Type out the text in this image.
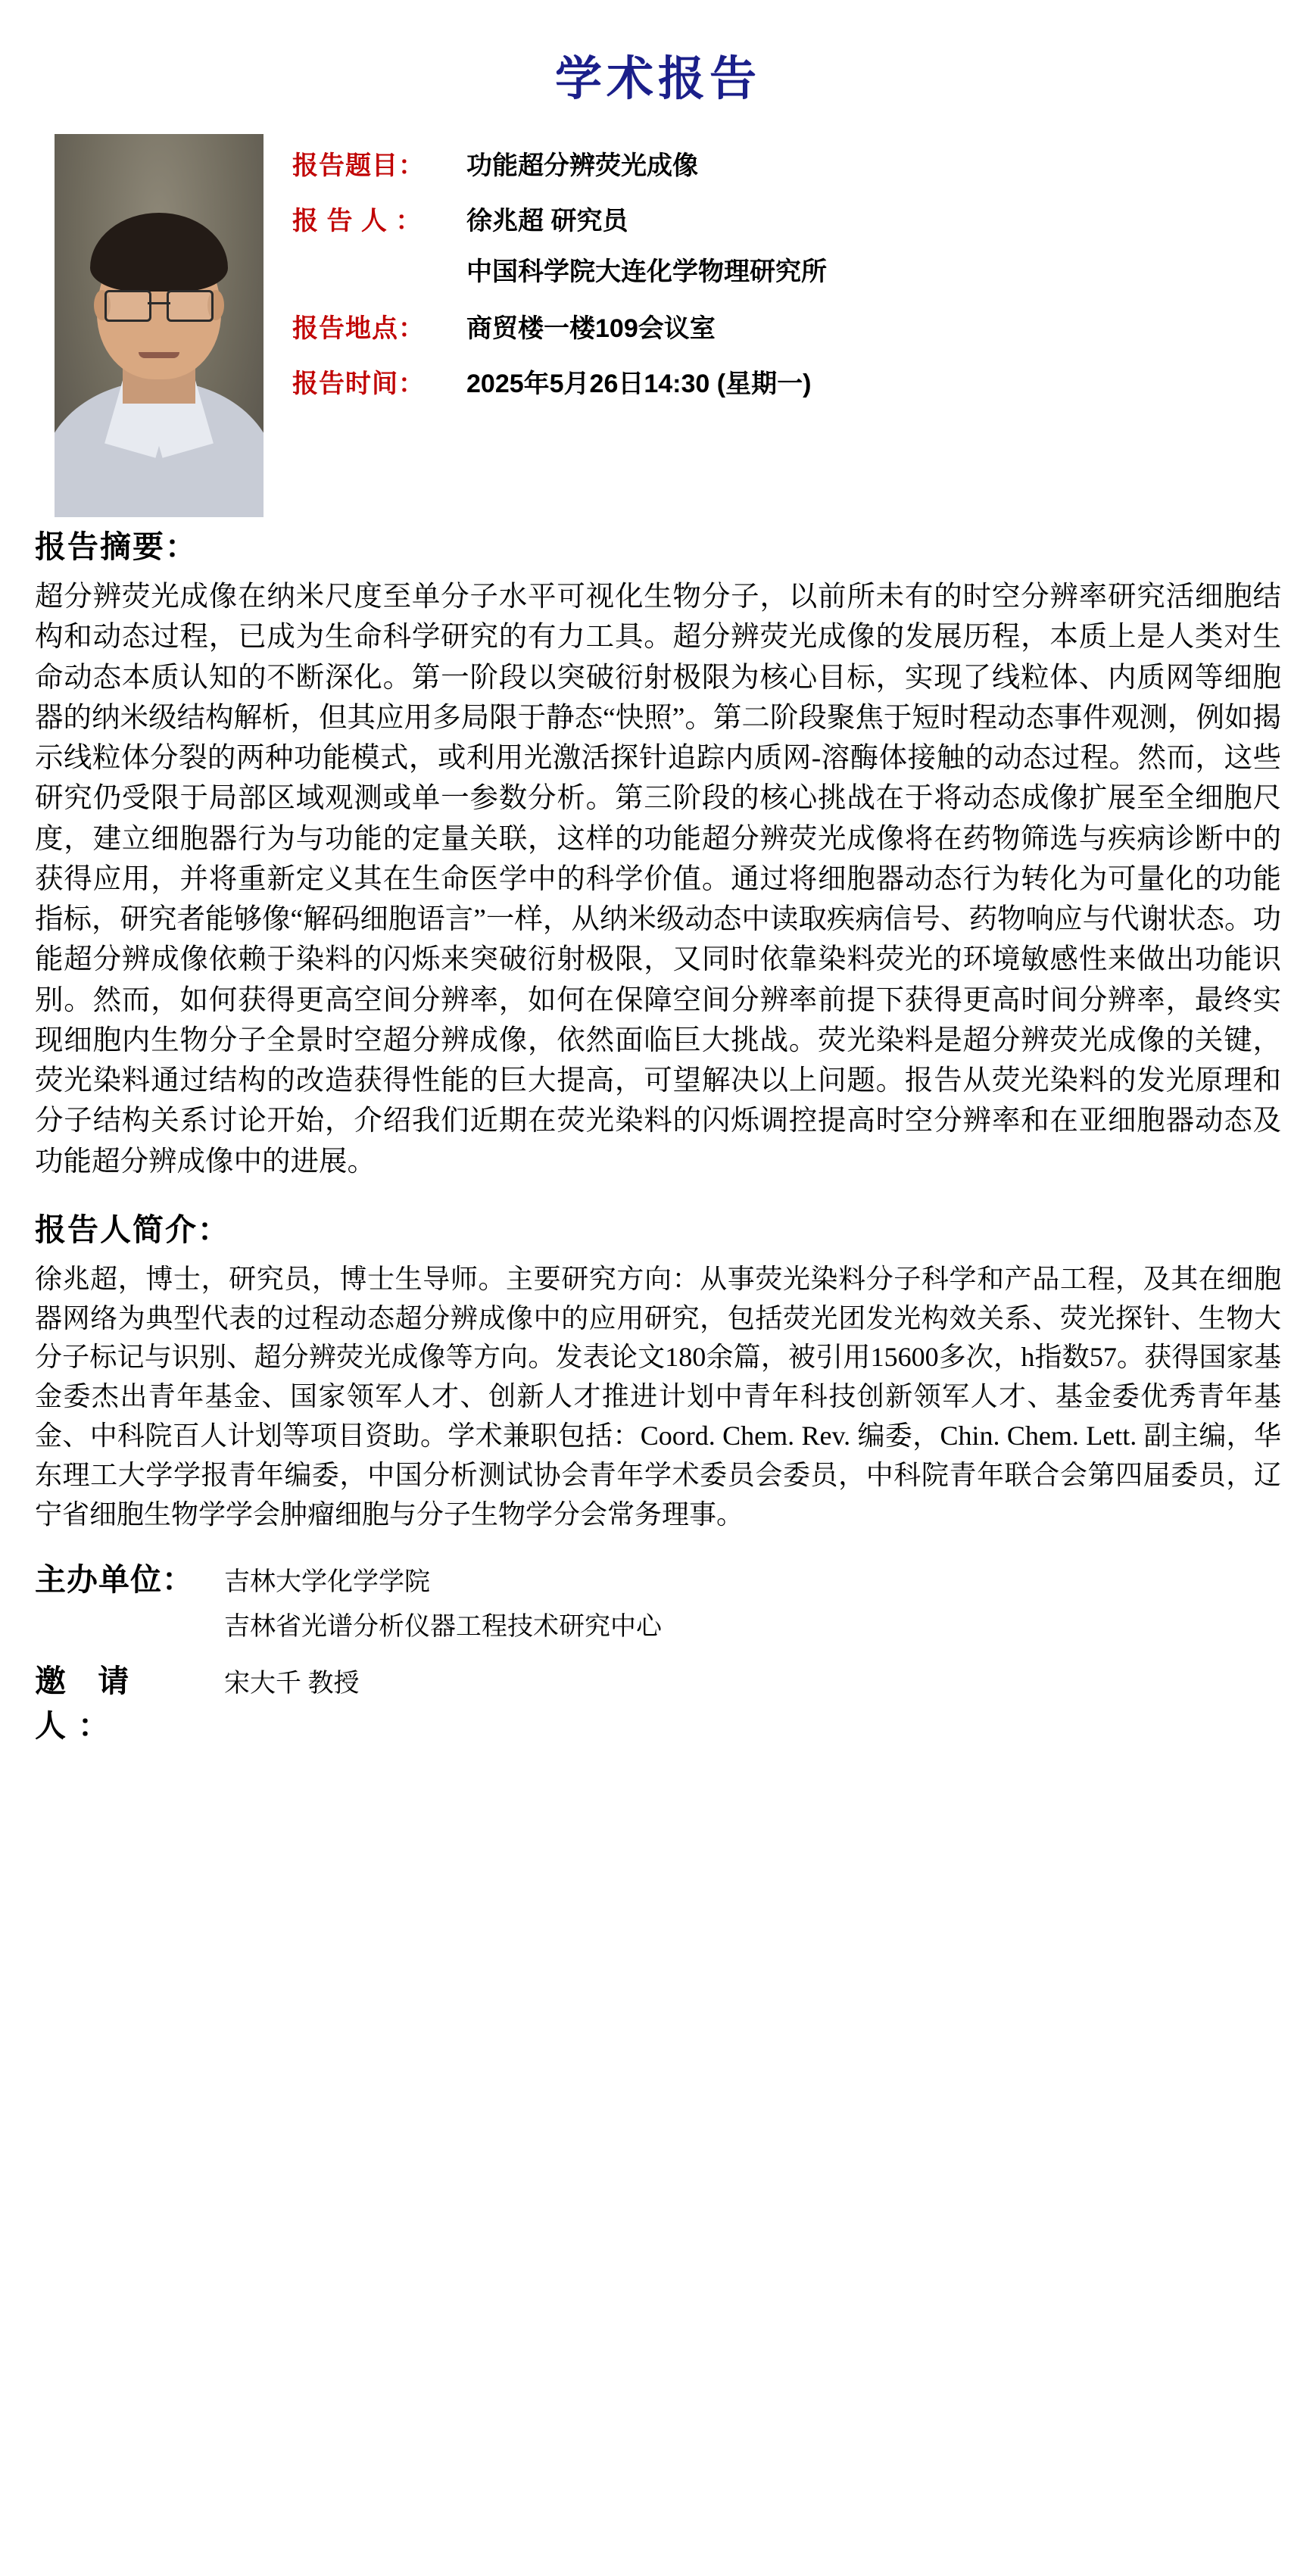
学术报告
报告题目：	功能超分辨荧光成像
报 告 人 ：	徐兆超 研究员
中国科学院大连化学物理研究所
报告地点：	商贸楼一楼109会议室
报告时间：	2025年5月26日14:30 (星期一)
报告摘要：
超分辨荧光成像在纳米尺度至单分子水平可视化生物分子，以前所未有的时空分辨率研究活细胞结构和动态过程，已成为生命科学研究的有力工具。超分辨荧光成像的发展历程，本质上是人类对生命动态本质认知的不断深化。第一阶段以突破衍射极限为核心目标，实现了线粒体、内质网等细胞器的纳米级结构解析，但其应用多局限于静态“快照”。第二阶段聚焦于短时程动态事件观测，例如揭示线粒体分裂的两种功能模式，或利用光激活探针追踪内质网-溶酶体接触的动态过程。然而，这些研究仍受限于局部区域观测或单一参数分析。第三阶段的核心挑战在于将动态成像扩展至全细胞尺度，建立细胞器行为与功能的定量关联，这样的功能超分辨荧光成像将在药物筛选与疾病诊断中的获得应用，并将重新定义其在生命医学中的科学价值。通过将细胞器动态行为转化为可量化的功能指标，研究者能够像“解码细胞语言”一样，从纳米级动态中读取疾病信号、药物响应与代谢状态。功能超分辨成像依赖于染料的闪烁来突破衍射极限，又同时依靠染料荧光的环境敏感性来做出功能识别。然而，如何获得更高空间分辨率，如何在保障空间分辨率前提下获得更高时间分辨率，最终实现细胞内生物分子全景时空超分辨成像，依然面临巨大挑战。荧光染料是超分辨荧光成像的关键，荧光染料通过结构的改造获得性能的巨大提高，可望解决以上问题。报告从荧光染料的发光原理和分子结构关系讨论开始，介绍我们近期在荧光染料的闪烁调控提高时空分辨率和在亚细胞器动态及功能超分辨成像中的进展。
报告人简介：
徐兆超，博士，研究员，博士生导师。主要研究方向：从事荧光染料分子科学和产品工程，及其在细胞器网络为典型代表的过程动态超分辨成像中的应用研究，包括荧光团发光构效关系、荧光探针、生物大分子标记与识别、超分辨荧光成像等方向。发表论文180余篇，被引用15600多次，h指数57。获得国家基金委杰出青年基金、国家领军人才、创新人才推进计划中青年科技创新领军人才、基金委优秀青年基金、中科院百人计划等项目资助。学术兼职包括：Coord. Chem. Rev. 编委，Chin. Chem. Lett. 副主编，华东理工大学学报青年编委，中国分析测试协会青年学术委员会委员，中科院青年联合会第四届委员，辽宁省细胞生物学学会肿瘤细胞与分子生物学分会常务理事。
主办单位：	吉林大学化学学院
吉林省光谱分析仪器工程技术研究中心
邀 请 人：
宋大千 教授
